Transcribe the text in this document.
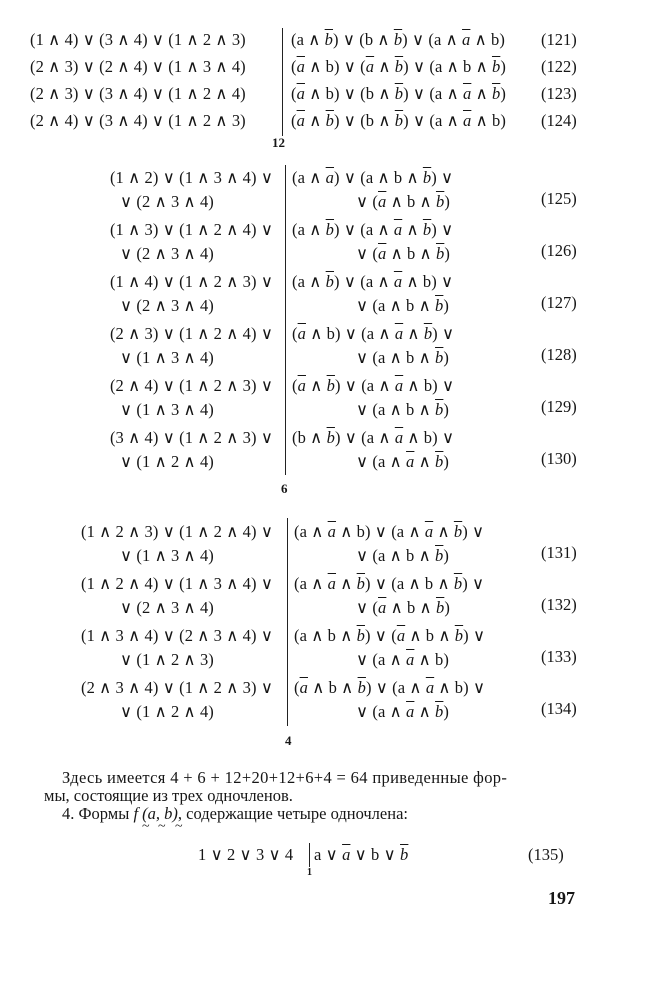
12
6
4
Здесь имеется 4 + 6 + 12+20+12+6+4 = 64 приведенные фор-
мы, состоящие из трех одночленов.
4. Формы f (a, b), содержащие четыре одночлена:
~ ~ ~
1 ∨ 2 ∨ 3 ∨ 4 a ∨ $\overline{a}$ ∨ b ∨ $\overline{b}$
1
(135)
197
(1 ∧ 4) ∨ (3 ∧ 4) ∨ (1 ∧ 2 ∧ 3)	(a ∧ $\overline{b}$) ∨ (b ∧ $\overline{b}$) ∨ (a ∧ $\overline{a}$ ∧ b) (121)
(2 ∧ 3) ∨ (2 ∧ 4) ∨ (1 ∧ 3 ∧ 4)	($\overline{a}$ ∧ b) ∨ ($\overline{a}$ ∧ $\overline{b}$) ∨ (a ∧ b ∧ $\overline{b}$) (122)
(2 ∧ 3) ∨ (3 ∧ 4) ∨ (1 ∧ 2 ∧ 4)	($\overline{a}$ ∧ b) ∨ (b ∧ $\overline{b}$) ∨ (a ∧ $\overline{a}$ ∧ $\overline{b}$) (123)
(2 ∧ 4) ∨ (3 ∧ 4) ∨ (1 ∧ 2 ∧ 3)	($\overline{a}$ ∧ $\overline{b}$) ∨ (b ∧ $\overline{b}$) ∨ (a ∧ $\overline{a}$ ∧ b) (124)
(1 ∧ 2) ∨ (1 ∧ 3 ∧ 4) ∨
∨ (2 ∧ 3 ∧ 4)
(a ∧ $\overline{a}$) ∨ (a ∧ b ∧ $\overline{b}$) ∨
∨ ($\overline{a}$ ∧ b ∧ $\overline{b}$)	(125)
(1 ∧ 3) ∨ (1 ∧ 2 ∧ 4) ∨
∨ (2 ∧ 3 ∧ 4)
(a ∧ $\overline{b}$) ∨ (a ∧ $\overline{a}$ ∧ $\overline{b}$) ∨
∨ ($\overline{a}$ ∧ b ∧ $\overline{b}$)	(126)
(1 ∧ 4) ∨ (1 ∧ 2 ∧ 3) ∨
∨ (2 ∧ 3 ∧ 4)
(a ∧ $\overline{b}$) ∨ (a ∧ $\overline{a}$ ∧ b) ∨
∨ (a ∧ b ∧ $\overline{b}$)	(127)
(2 ∧ 3) ∨ (1 ∧ 2 ∧ 4) ∨
∨ (1 ∧ 3 ∧ 4)
($\overline{a}$ ∧ b) ∨ (a ∧ $\overline{a}$ ∧ $\overline{b}$) ∨
∨ (a ∧ b ∧ $\overline{b}$)	(128)
(2 ∧ 4) ∨ (1 ∧ 2 ∧ 3) ∨
∨ (1 ∧ 3 ∧ 4)
($\overline{a}$ ∧ $\overline{b}$) ∨ (a ∧ $\overline{a}$ ∧ b) ∨
∨ (a ∧ b ∧ $\overline{b}$)	(129)
(3 ∧ 4) ∨ (1 ∧ 2 ∧ 3) ∨
∨ (1 ∧ 2 ∧ 4)
(b ∧ $\overline{b}$) ∨ (a ∧ $\overline{a}$ ∧ b) ∨
∨ (a ∧ $\overline{a}$ ∧ $\overline{b}$)	(130)
(1 ∧ 2 ∧ 3) ∨ (1 ∧ 2 ∧ 4) ∨
∨ (1 ∧ 3 ∧ 4)
(a ∧ $\overline{a}$ ∧ b) ∨ (a ∧ $\overline{a}$ ∧ $\overline{b}$) ∨
∨ (a ∧ b ∧ $\overline{b}$)	(131)
(1 ∧ 2 ∧ 4) ∨ (1 ∧ 3 ∧ 4) ∨
∨ (2 ∧ 3 ∧ 4)
(a ∧ $\overline{a}$ ∧ $\overline{b}$) ∨ (a ∧ b ∧ $\overline{b}$) ∨
∨ ($\overline{a}$ ∧ b ∧ $\overline{b}$)	(132)
(1 ∧ 3 ∧ 4) ∨ (2 ∧ 3 ∧ 4) ∨
∨ (1 ∧ 2 ∧ 3)
(a ∧ b ∧ $\overline{b}$) ∨ ($\overline{a}$ ∧ b ∧ $\overline{b}$) ∨
∨ (a ∧ $\overline{a}$ ∧ b)	(133)
(2 ∧ 3 ∧ 4) ∨ (1 ∧ 2 ∧ 3) ∨
∨ (1 ∧ 2 ∧ 4)
($\overline{a}$ ∧ b ∧ $\overline{b}$) ∨ (a ∧ $\overline{a}$ ∧ b) ∨
∨ (a ∧ $\overline{a}$ ∧ $\overline{b}$)	(134)
